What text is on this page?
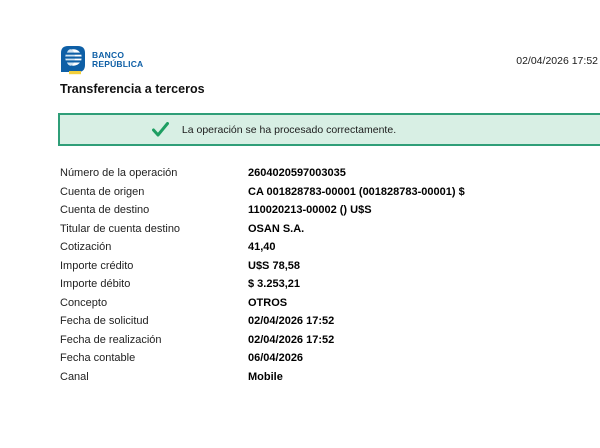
BANCO
REPÚBLICA	02/04/2026 17:52
Transferencia a terceros
La operación se ha procesado correctamente.
Número de la operación	2604020597003035
Cuenta de origen	CA 001828783-00001 (001828783-00001) $
Cuenta de destino	110020213-00002 () U$S
Titular de cuenta destino	OSAN S.A.
Cotización	41,40
Importe crédito	U$S 78,58
Importe débito	$ 3.253,21
Concepto	OTROS
Fecha de solicitud	02/04/2026 17:52
Fecha de realización	02/04/2026 17:52
Fecha contable	06/04/2026
Canal	Mobile
